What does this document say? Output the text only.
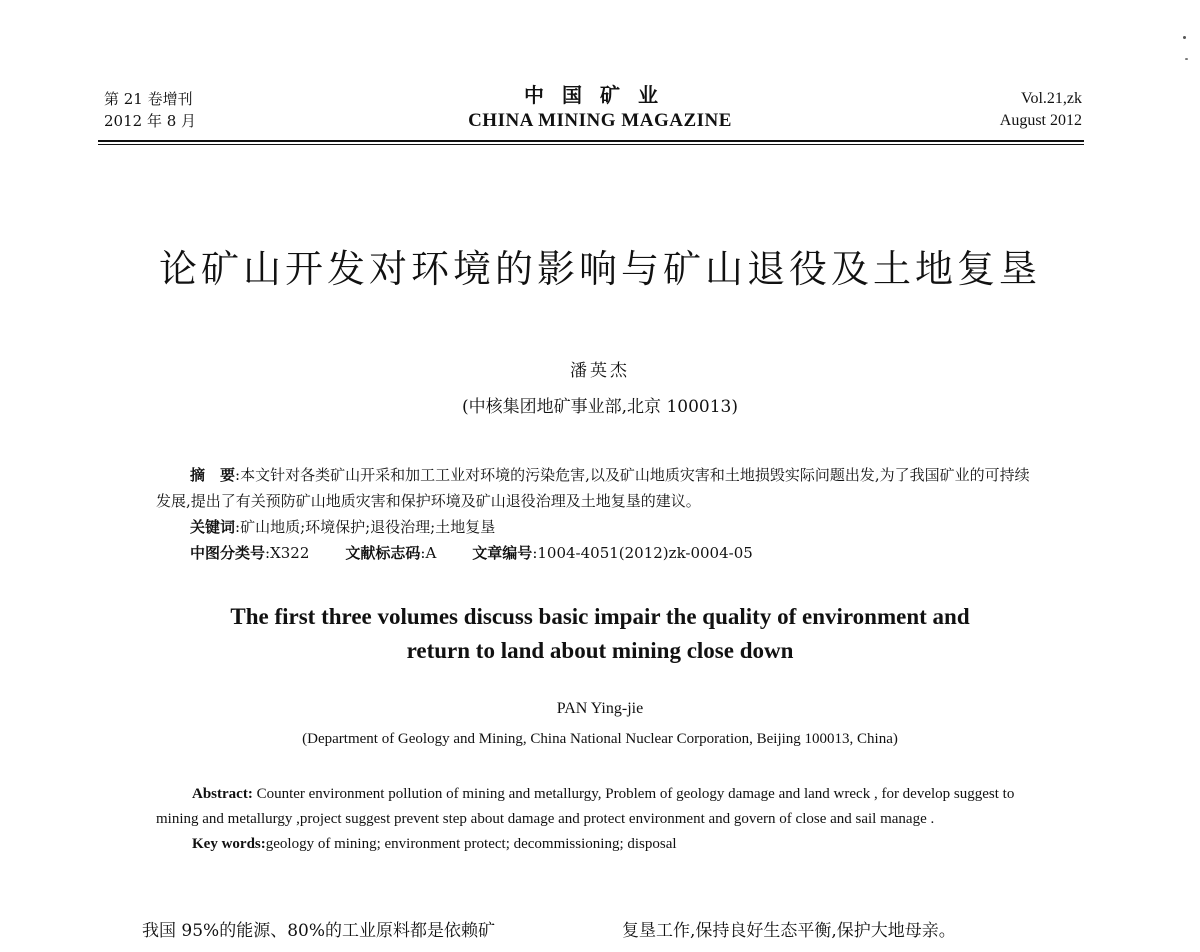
第 21 卷增刊
2012 年 8 月
中国矿业
CHINA MINING MAGAZINE
Vol.21,zk
August 2012
论矿山开发对环境的影响与矿山退役及土地复垦
潘英杰
(中核集团地矿事业部,北京 100013)

摘　要:本文针对各类矿山开采和加工工业对环境的污染危害,以及矿山地质灾害和土地损毁实际问题出发,为了我国矿业的可持续发展,提出了有关预防矿山地质灾害和保护环境及矿山退役治理及土地复垦的建议。

关键词:矿山地质;环境保护;退役治理;土地复垦

中图分类号:X322 文献标志码:A 文章编号:1004-4051(2012)zk-0004-05

The first three volumes discuss basic impair the quality of environment and
return to land about mining close down
PAN Ying-jie
(Department of Geology and Mining, China National Nuclear Corporation, Beijing 100013, China)

Abstract: Counter environment pollution of mining and metallurgy, Problem of geology damage and land wreck , for develop suggest to mining and metallurgy ,project suggest prevent step about damage and protect environment and govern of close and sail manage .

Key words:geology of mining; environment protect; decommissioning; disposal

我国 95%的能源、80%的工业原料都是依赖矿	复垦工作,保持良好生态平衡,保护大地母亲。
